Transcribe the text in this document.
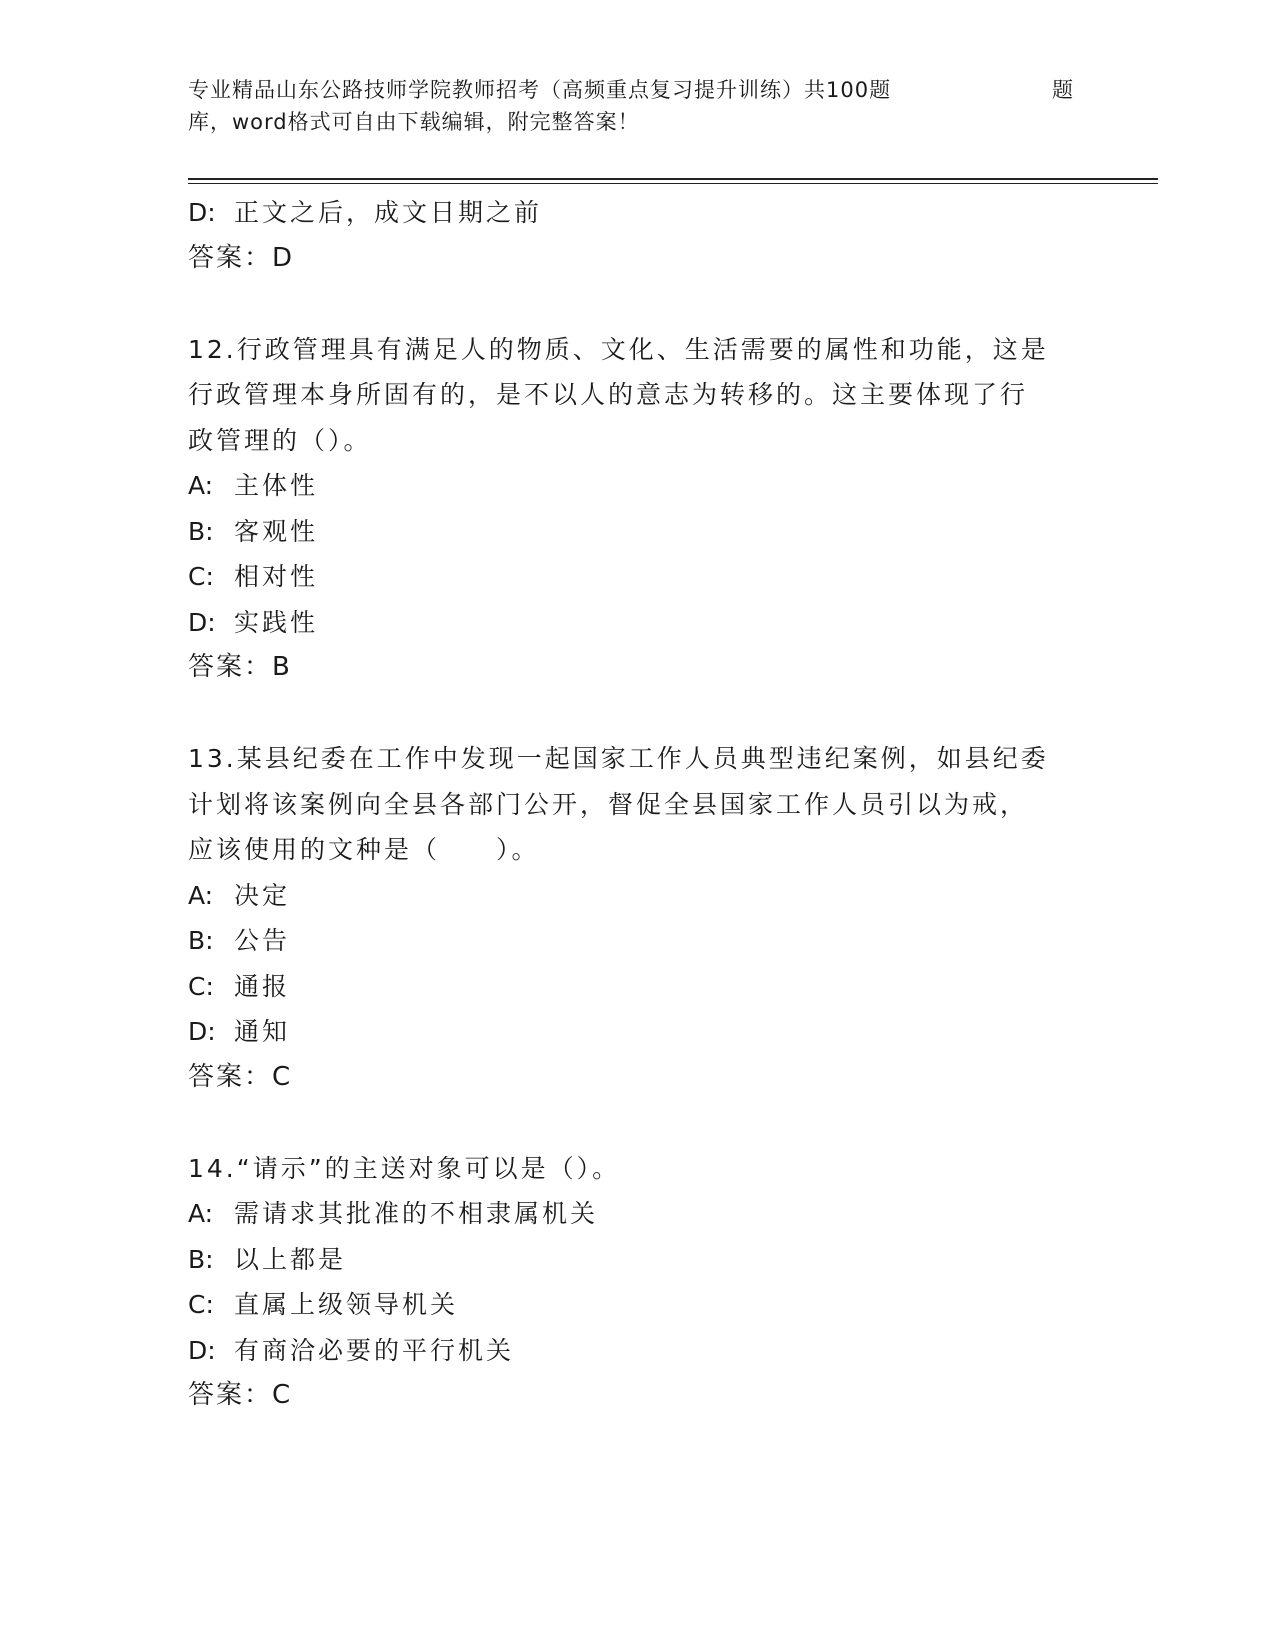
专业精品山东公路技师学院教师招考（高频重点复习提升训练）共100题	题
库，word格式可自由下载编辑，附完整答案！
D: 正文之后，成文日期之前
答案：D
12.行政管理具有满足人的物质、文化、生活需要的属性和功能，这是
行政管理本身所固有的，是不以人的意志为转移的。这主要体现了行
政管理的（）。
A: 主体性
B: 客观性
C: 相对性
D: 实践性
答案：B
13.某县纪委在工作中发现一起国家工作人员典型违纪案例，如县纪委
计划将该案例向全县各部门公开，督促全县国家工作人员引以为戒，
应该使用的文种是（　　）。
A: 决定
B: 公告
C: 通报
D: 通知
答案：C
14.“请示”的主送对象可以是（）。
A: 需请求其批准的不相隶属机关
B: 以上都是
C: 直属上级领导机关
D: 有商洽必要的平行机关
答案：C
